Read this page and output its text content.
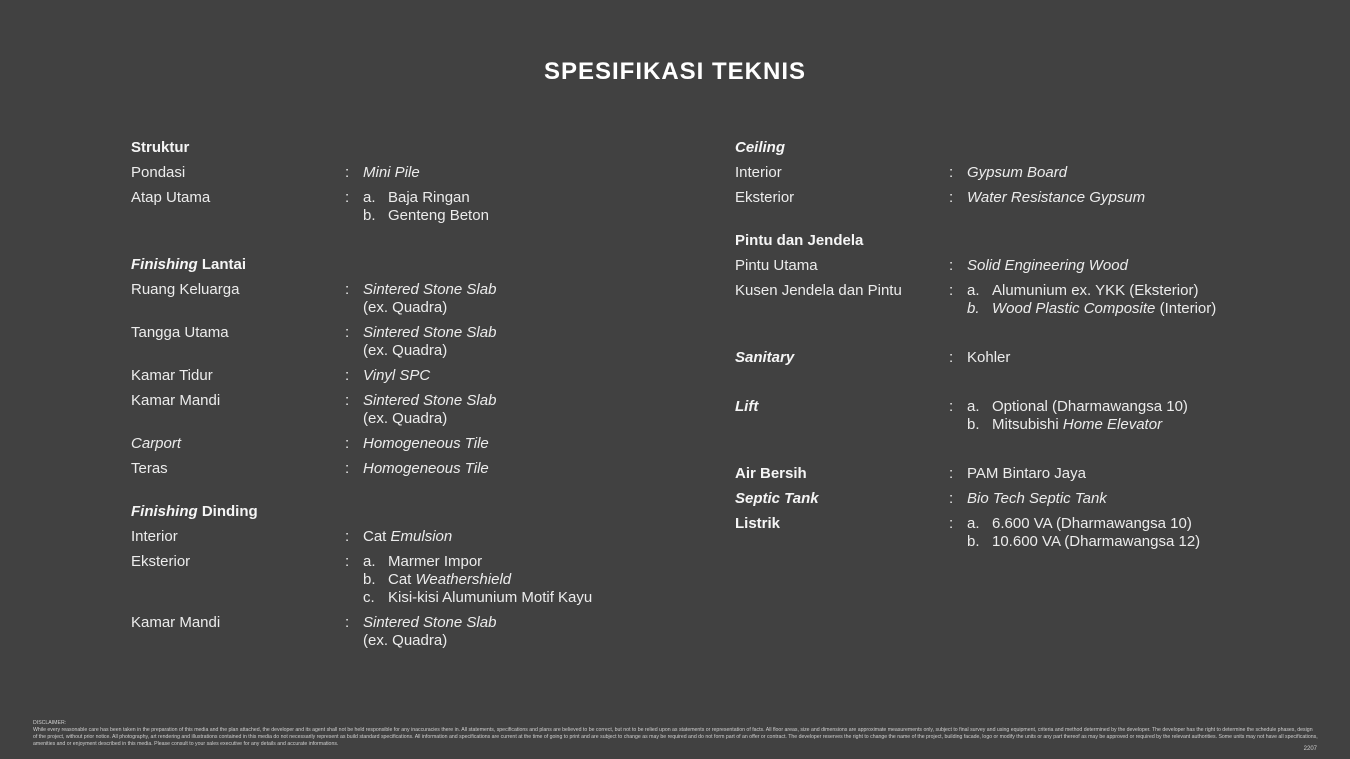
SPESIFIKASI TEKNIS
Struktur
Pondasi	: Mini Pile
Atap Utama	: a. Baja Ringan
b. Genteng Beton
Finishing Lantai
Ruang Keluarga	: Sintered Stone Slab
(ex. Quadra)
Tangga Utama	: Sintered Stone Slab
(ex. Quadra)
Kamar Tidur	: Vinyl SPC
Kamar Mandi	: Sintered Stone Slab
(ex. Quadra)
Carport	: Homogeneous Tile
Teras	: Homogeneous Tile
Finishing Dinding
Interior	: Cat Emulsion
Eksterior	: a. Marmer Impor
b. Cat Weathershield
c. Kisi-kisi Alumunium Motif Kayu
Kamar Mandi	: Sintered Stone Slab
(ex. Quadra)
Ceiling
Interior	: Gypsum Board
Eksterior	: Water Resistance Gypsum
Pintu dan Jendela
Pintu Utama	: Solid Engineering Wood
Kusen Jendela dan Pintu	: a. Alumunium ex. YKK (Eksterior)
b. Wood Plastic Composite (Interior)
Sanitary	: Kohler
Lift	: a. Optional (Dharmawangsa 10)
b. Mitsubishi Home Elevator
Air Bersih	: PAM Bintaro Jaya
Septic Tank	: Bio Tech Septic Tank
Listrik	: a. 6.600 VA (Dharmawangsa 10)
b. 10.600 VA (Dharmawangsa 12)
DISCLAIMER:
While every reasonable care has been taken in the preparation of this media and the plan attached, the developer and its agent shall not be held responsible for any inaccuracies there in. All statements, specifications and plans are believed to be correct, but not to be relied upon as statements or representation of facts. All floor areas, size and dimensions are approximate measurements only, subject to final survey and using equipment, criteria and method determined by the developer. The developer has the right to determine the schedule phases, design of the project, without prior notice. All photography, art rendering and illustrations contained in this media do not necessarily represent as build standard specifications. All information and specifications are current at the time of going to print and are subject to change as may be required and do not form part of an offer or contract. The developer reserves the right to change the name of the project, building facade, logo or modify the units or any part thereof as may be approved or required by the relevant authorities. Some units may not have all specifications, amenities and or enjoyment described in this media. Please consult to your sales executive for any details and accurate informations.
2207
